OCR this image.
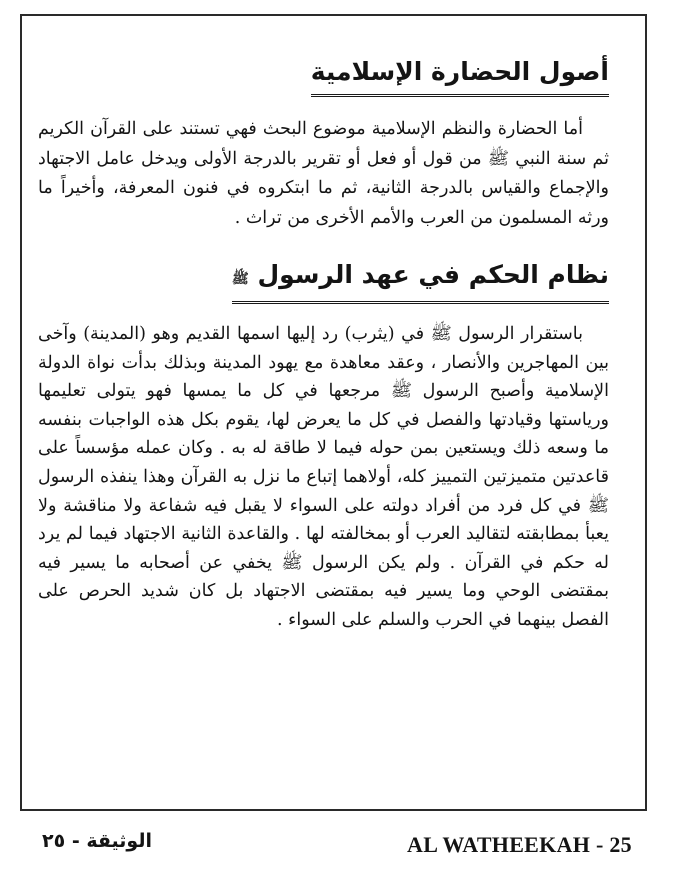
أصول الحضارة الإسلامية

أما الحضارة والنظم الإسلامية موضوع البحث فهي تستند على القرآن الكريم ثم سنة النبي ﷺ من قول أو فعل أو تقرير بالدرجة الأولى ويدخل عامل الاجتهاد والإجماع والقياس بالدرجة الثانية، ثم ما ابتكروه في فنون المعرفة، وأخيراً ما ورثه المسلمون من العرب والأمم الأخرى من تراث .

نظام الحكم في عهد الرسول ﷺ

باستقرار الرسول ﷺ في (يثرب) رد إليها اسمها القديم وهو (المدينة) وآخى بين المهاجرين والأنصار ، وعقد معاهدة مع يهود المدينة وبذلك بدأت نواة الدولة الإسلامية وأصبح الرسول ﷺ مرجعها في كل ما يمسها فهو يتولى تعليمها ورياستها وقيادتها والفصل في كل ما يعرض لها، يقوم بكل هذه الواجبات بنفسه ما وسعه ذلك ويستعين بمن حوله فيما لا طاقة له به . وكان عمله مؤسساً على قاعدتين متميزتين التمييز كله، أولاهما إتباع ما نزل به القرآن وهذا ينفذه الرسول ﷺ في كل فرد من أفراد دولته على السواء لا يقبل فيه شفاعة ولا مناقشة ولا يعبأ بمطابقته لتقاليد العرب أو بمخالفته لها . والقاعدة الثانية الاجتهاد فيما لم يرد له حكم في القرآن . ولم يكن الرسول ﷺ يخفي عن أصحابه ما يسير فيه بمقتضى الوحي وما يسير فيه بمقتضى الاجتهاد بل كان شديد الحرص على الفصل بينهما في الحرب والسلم على السواء .

AL WATHEEKAH - 25
الوثيقة - ٢٥
